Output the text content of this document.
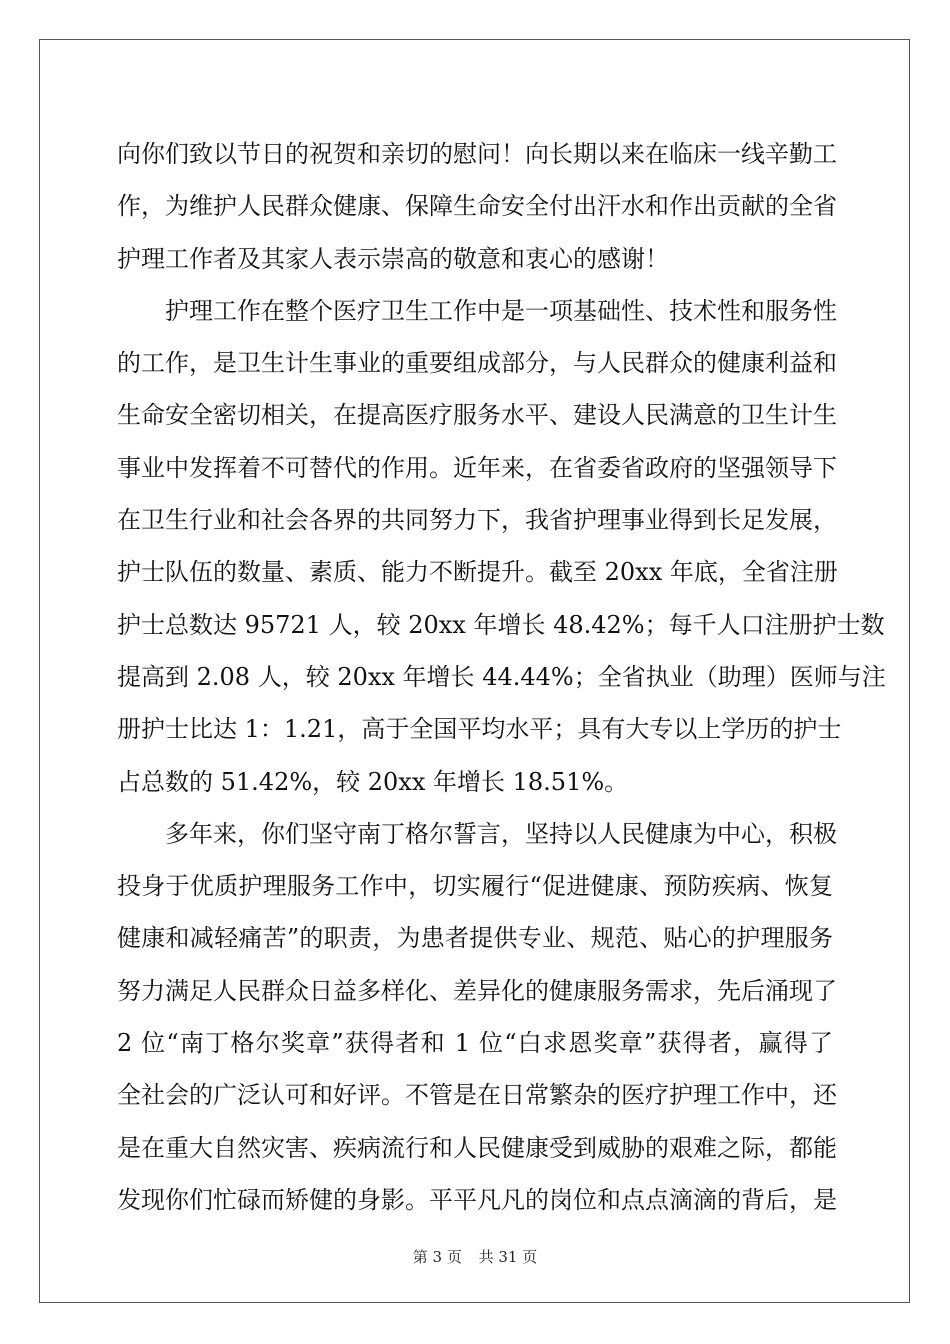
向你们致以节日的祝贺和亲切的慰问！向长期以来在临床一线辛勤工
作，为维护人民群众健康、保障生命安全付出汗水和作出贡献的全省
护理工作者及其家人表示崇高的敬意和衷心的感谢！
　　护理工作在整个医疗卫生工作中是一项基础性、技术性和服务性
的工作，是卫生计生事业的重要组成部分，与人民群众的健康利益和
生命安全密切相关，在提高医疗服务水平、建设人民满意的卫生计生
事业中发挥着不可替代的作用。近年来，在省委省政府的坚强领导下
在卫生行业和社会各界的共同努力下，我省护理事业得到长足发展，
护士队伍的数量、素质、能力不断提升。截至 20xx 年底，全省注册
护士总数达 95721 人，较 20xx 年增长 48.42%；每千人口注册护士数
提高到 2.08 人，较 20xx 年增长 44.44%；全省执业（助理）医师与注
册护士比达 1：1.21，高于全国平均水平；具有大专以上学历的护士
占总数的 51.42%，较 20xx 年增长 18.51%。
　　多年来，你们坚守南丁格尔誓言，坚持以人民健康为中心，积极
投身于优质护理服务工作中，切实履行“促进健康、预防疾病、恢复
健康和减轻痛苦”的职责，为患者提供专业、规范、贴心的护理服务
努力满足人民群众日益多样化、差异化的健康服务需求，先后涌现了
2 位“南丁格尔奖章”获得者和 1 位“白求恩奖章”获得者，赢得了
全社会的广泛认可和好评。不管是在日常繁杂的医疗护理工作中，还
是在重大自然灾害、疾病流行和人民健康受到威胁的艰难之际，都能
发现你们忙碌而矫健的身影。平平凡凡的岗位和点点滴滴的背后，是
第 3 页 共 31 页
